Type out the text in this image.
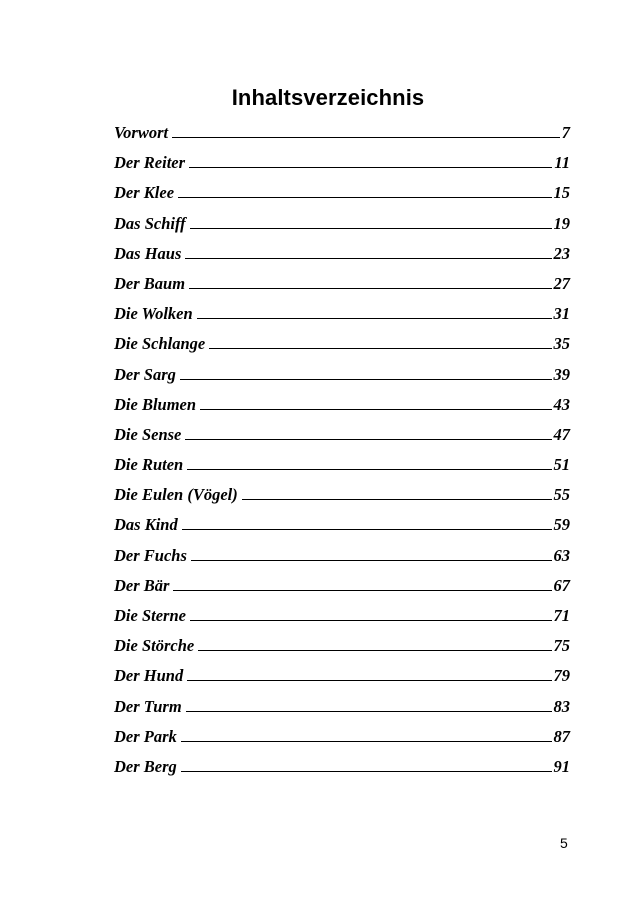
Inhaltsverzeichnis
Vorwort	7
Der Reiter	11
Der Klee	15
Das Schiff	19
Das Haus	23
Der Baum	27
Die Wolken	31
Die Schlange	35
Der Sarg	39
Die Blumen	43
Die Sense	47
Die Ruten	51
Die Eulen (Vögel)	55
Das Kind	59
Der Fuchs	63
Der Bär	67
Die Sterne	71
Die Störche	75
Der Hund	79
Der Turm	83
Der Park	87
Der Berg	91
5
